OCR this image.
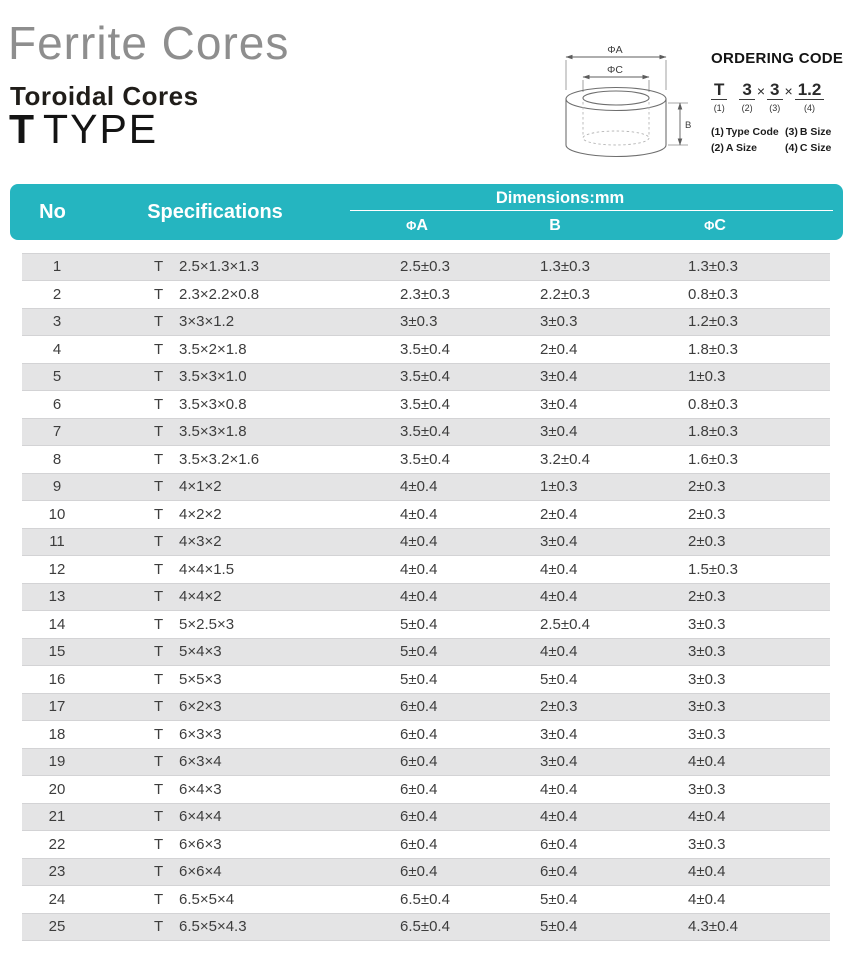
Ferrite Cores
Toroidal Cores
T TYPE
ΦA
ΦC
B
ORDERING CODE
T
(1)
3
(2)
× 3
(3)
× 1.2
(4)
(1) Type Code (3) B Size
(2) A Size	(4) C Size
No	Specifications
Dimensions:mm
ΦA	B	ΦC
1	T 2.5×1.3×1.3	2.5±0.3	1.3±0.3	1.3±0.3
2	T 2.3×2.2×0.8	2.3±0.3	2.2±0.3	0.8±0.3
3	T 3×3×1.2	3±0.3	3±0.3	1.2±0.3
4	T 3.5×2×1.8	3.5±0.4	2±0.4	1.8±0.3
5	T 3.5×3×1.0	3.5±0.4	3±0.4	1±0.3
6	T 3.5×3×0.8	3.5±0.4	3±0.4	0.8±0.3
7	T 3.5×3×1.8	3.5±0.4	3±0.4	1.8±0.3
8	T 3.5×3.2×1.6	3.5±0.4	3.2±0.4	1.6±0.3
9	T 4×1×2	4±0.4	1±0.3	2±0.3
10	T 4×2×2	4±0.4	2±0.4	2±0.3
11	T 4×3×2	4±0.4	3±0.4	2±0.3
12	T 4×4×1.5	4±0.4	4±0.4	1.5±0.3
13	T 4×4×2	4±0.4	4±0.4	2±0.3
14	T 5×2.5×3	5±0.4	2.5±0.4	3±0.3
15	T 5×4×3	5±0.4	4±0.4	3±0.3
16	T 5×5×3	5±0.4	5±0.4	3±0.3
17	T 6×2×3	6±0.4	2±0.3	3±0.3
18	T 6×3×3	6±0.4	3±0.4	3±0.3
19	T 6×3×4	6±0.4	3±0.4	4±0.4
20	T 6×4×3	6±0.4	4±0.4	3±0.3
21	T 6×4×4	6±0.4	4±0.4	4±0.4
22	T 6×6×3	6±0.4	6±0.4	3±0.3
23	T 6×6×4	6±0.4	6±0.4	4±0.4
24	T 6.5×5×4	6.5±0.4	5±0.4	4±0.4
25	T 6.5×5×4.3	6.5±0.4	5±0.4	4.3±0.4
